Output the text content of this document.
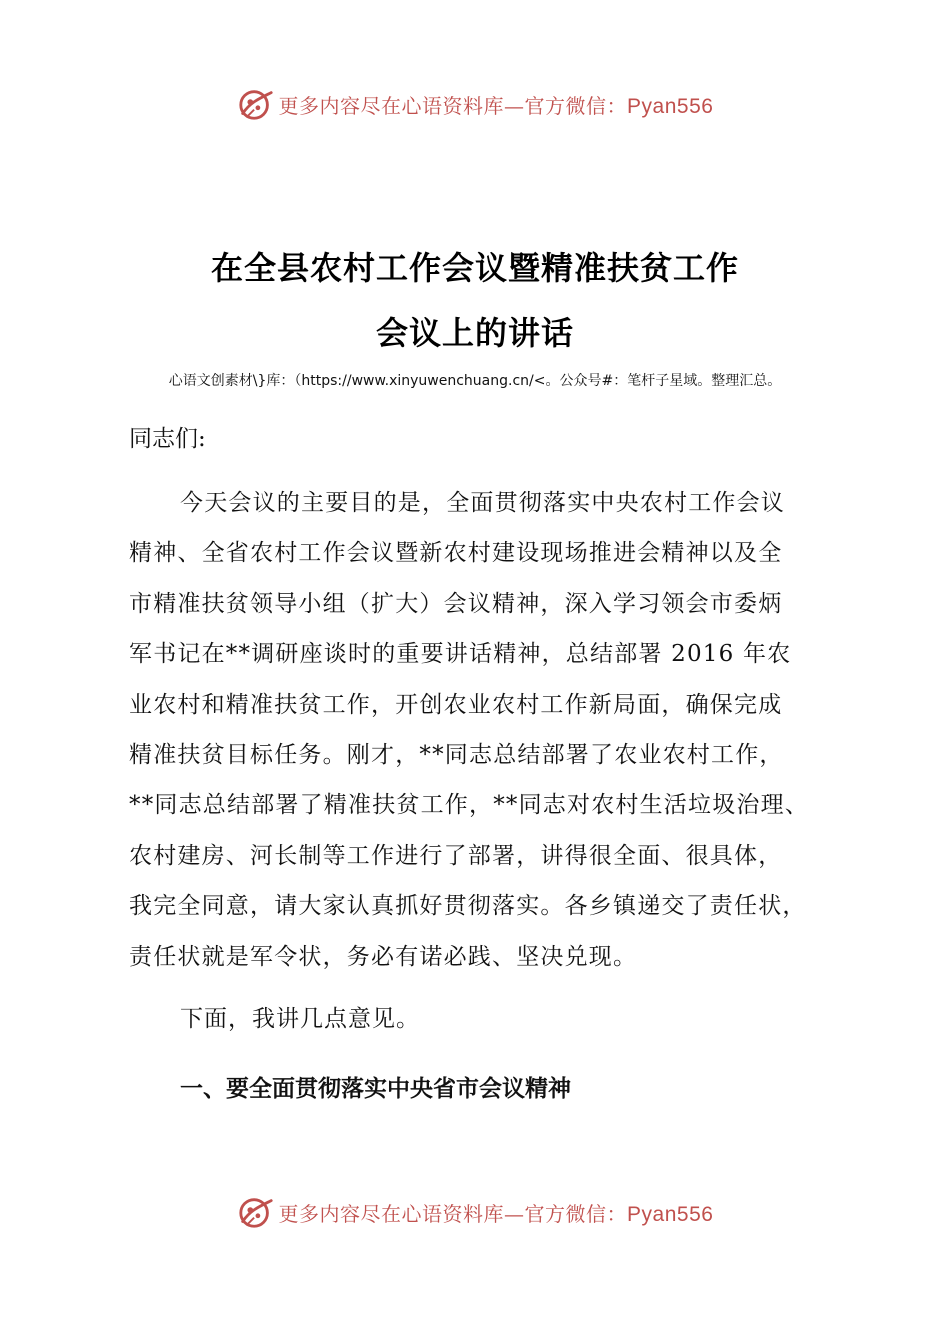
更多内容尽在心语资料库—官方微信：Pyan556
在全县农村工作会议暨精准扶贫工作
会议上的讲话
心语文创素材\}库：（https://www.xinyuwenchuang.cn/<。公众号#：笔杆子星域。整理汇总。
同志们:

今天会议的主要目的是，全面贯彻落实中央农村工作会议
精神、全省农村工作会议暨新农村建设现场推进会精神以及全
市精准扶贫领导小组（扩大）会议精神，深入学习领会市委炳
军书记在**调研座谈时的重要讲话精神，总结部署 2016 年农
业农村和精准扶贫工作，开创农业农村工作新局面，确保完成
精准扶贫目标任务。刚才，**同志总结部署了农业农村工作，
**同志总结部署了精准扶贫工作，**同志对农村生活垃圾治理、
农村建房、河长制等工作进行了部署，讲得很全面、很具体，
我完全同意，请大家认真抓好贯彻落实。各乡镇递交了责任状，
责任状就是军令状，务必有诺必践、坚决兑现。

下面，我讲几点意见。
一、要全面贯彻落实中央省市会议精神
更多内容尽在心语资料库—官方微信：Pyan556
